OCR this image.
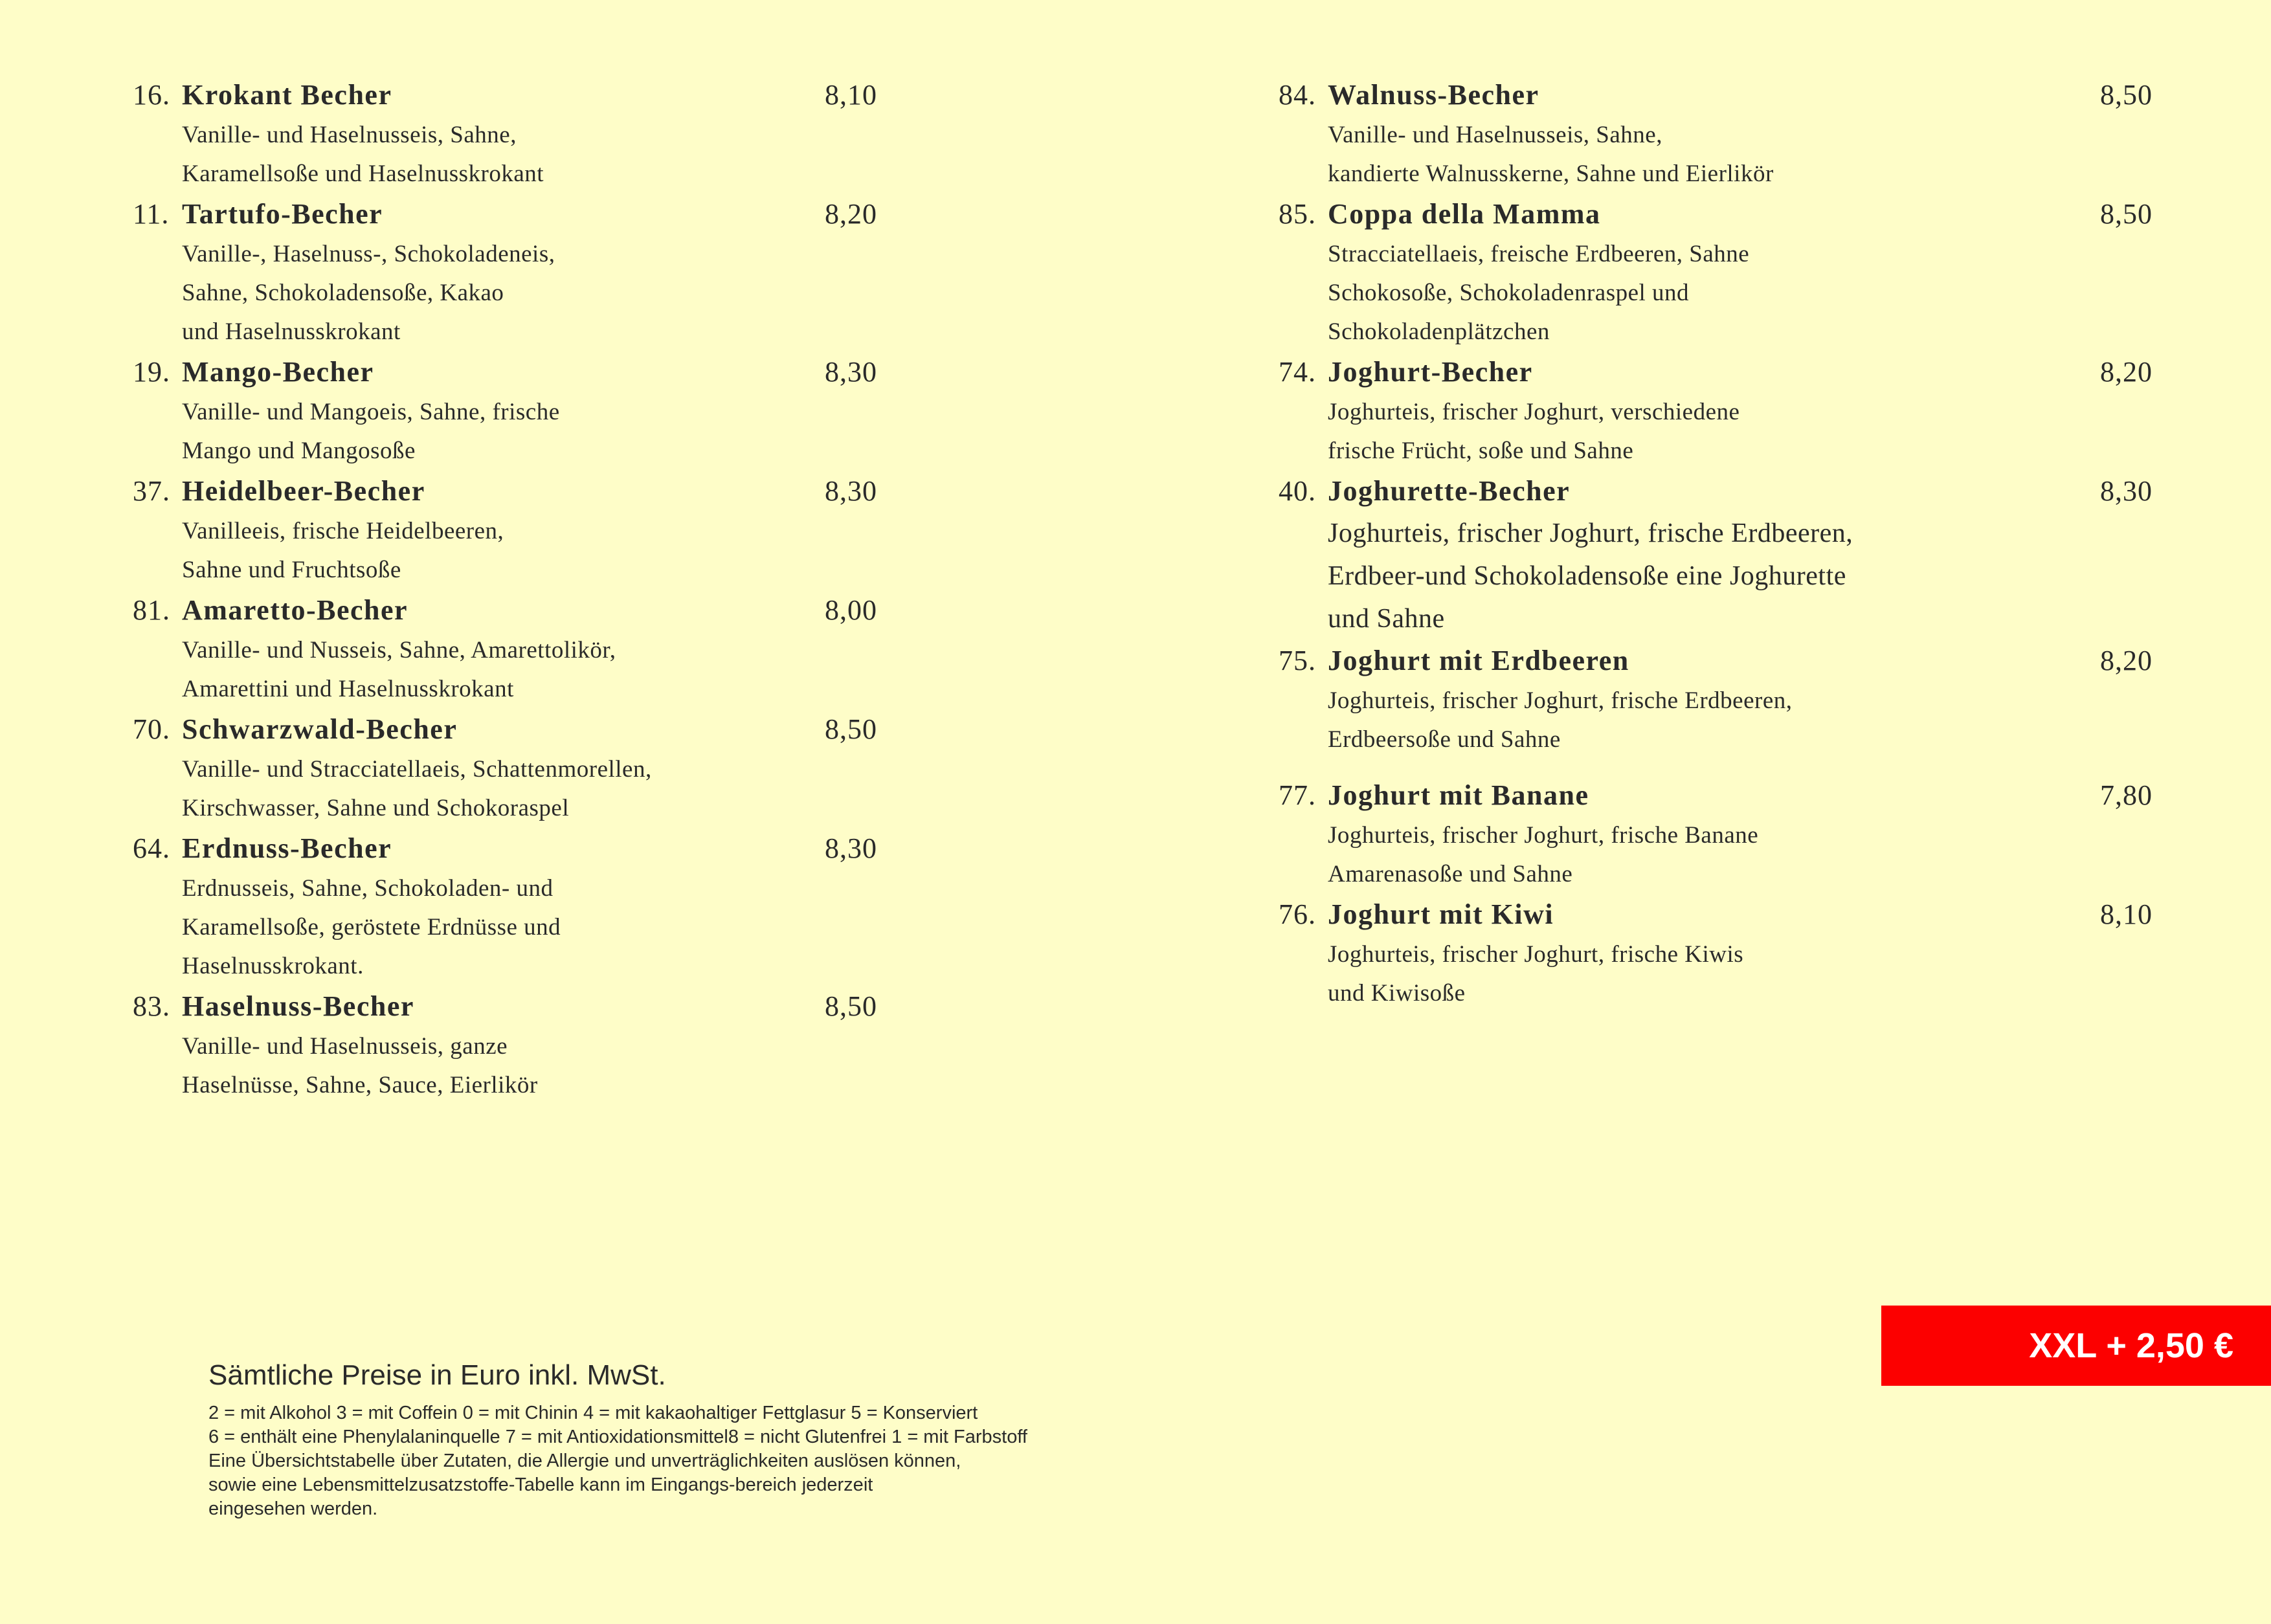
16. Krokant Becher	8,10
Vanille- und Haselnusseis, Sahne,
Karamellsoße und Haselnusskrokant
11. Tartufo-Becher	8,20
Vanille-, Haselnuss-, Schokoladeneis,
Sahne, Schokoladensoße, Kakao
und Haselnusskrokant
19. Mango-Becher	8,30
Vanille- und Mangoeis, Sahne, frische
Mango und Mangosoße
37. Heidelbeer-Becher	8,30
Vanilleeis, frische Heidelbeeren,
Sahne und Fruchtsoße
81. Amaretto-Becher	8,00
Vanille- und Nusseis, Sahne, Amarettolikör,
Amarettini und Haselnusskrokant
70. Schwarzwald-Becher	8,50
Vanille- und Stracciatellaeis, Schattenmorellen,
Kirschwasser, Sahne und Schokoraspel
64. Erdnuss-Becher	8,30
Erdnusseis, Sahne, Schokoladen- und
Karamellsoße, geröstete Erdnüsse und
Haselnusskrokant.
83. Haselnuss-Becher	8,50
Vanille- und Haselnusseis, ganze
Haselnüsse, Sahne, Sauce, Eierlikör
84. Walnuss-Becher	8,50
Vanille- und Haselnusseis, Sahne,
kandierte Walnusskerne, Sahne und Eierlikör
85. Coppa della Mamma	8,50
Stracciatellaeis, freische Erdbeeren, Sahne
Schokosoße, Schokoladenraspel und
Schokoladenplätzchen
74. Joghurt-Becher	8,20
Joghurteis, frischer Joghurt, verschiedene
frische Frücht, soße und Sahne
40. Joghurette-Becher	8,30
Joghurteis, frischer Joghurt, frische Erdbeeren,
Erdbeer-und Schokoladensoße eine Joghurette
und Sahne
75. Joghurt mit Erdbeeren	8,20
Joghurteis, frischer Joghurt, frische Erdbeeren,
Erdbeersoße und Sahne
77. Joghurt mit Banane	7,80
Joghurteis, frischer Joghurt, frische Banane
Amarenasoße und Sahne
76. Joghurt mit Kiwi	8,10
Joghurteis, frischer Joghurt, frische Kiwis
und Kiwisoße
Sämtliche Preise in Euro inkl. MwSt.
2 = mit Alkohol 3 = mit Coffein 0 = mit Chinin 4 = mit kakaohaltiger Fettglasur 5 = Konserviert
6 = enthält eine Phenylalaninquelle 7 = mit Antioxidationsmittel8 = nicht Glutenfrei 1 = mit Farbstoff
Eine Übersichtstabelle über Zutaten, die Allergie und unverträglichkeiten auslösen können,
sowie eine Lebensmittelzusatzstoffe-Tabelle kann im Eingangs-bereich jederzeit
eingesehen werden.
XXL + 2,50 €
